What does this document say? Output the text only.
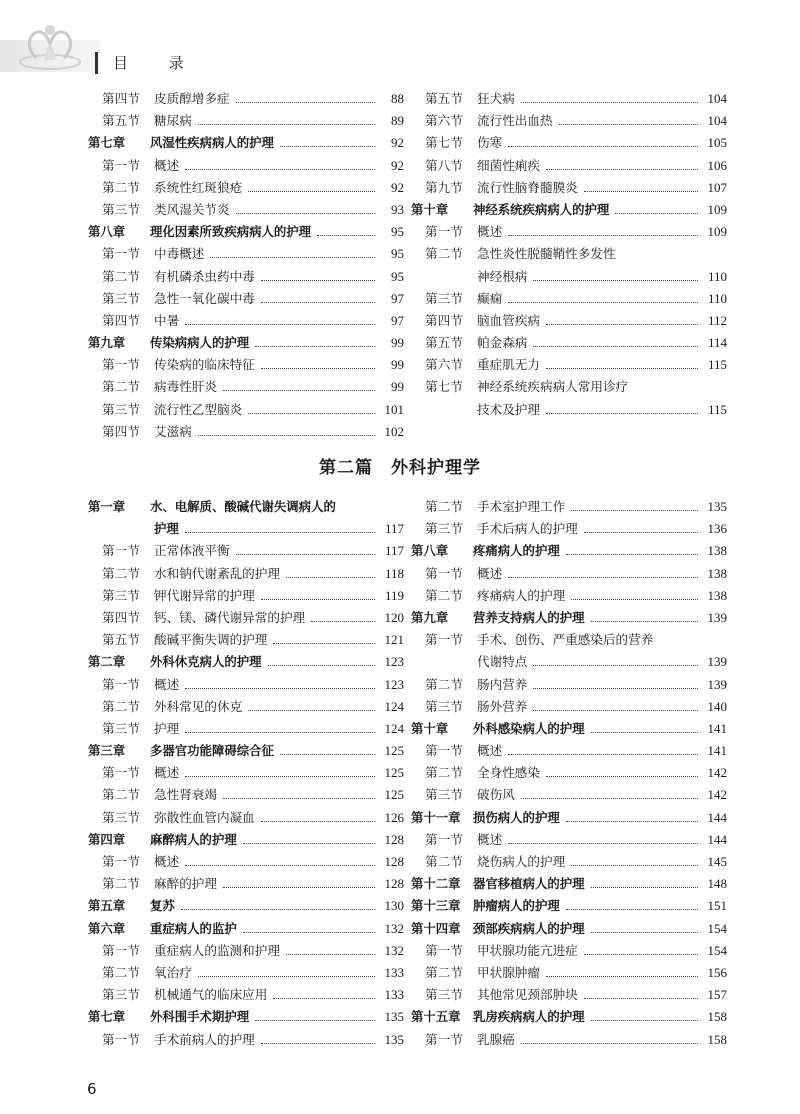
目 录
第四节	皮质醇增多症	88
第五节	糖尿病	89
第七章	风湿性疾病病人的护理	92
第一节	概述	92
第二节	系统性红斑狼疮	92
第三节	类风湿关节炎	93
第八章	理化因素所致疾病病人的护理	95
第一节	中毒概述	95
第二节	有机磷杀虫药中毒	95
第三节	急性一氧化碳中毒	97
第四节	中暑	97
第九章	传染病病人的护理	99
第一节	传染病的临床特征	99
第二节	病毒性肝炎	99
第三节	流行性乙型脑炎	101
第四节	艾滋病	102
第五节	狂犬病	104
第六节	流行性出血热	104
第七节	伤寒	105
第八节	细菌性痢疾	106
第九节	流行性脑脊髓膜炎	107
第十章	神经系统疾病病人的护理	109
第一节	概述	109
第二节	急性炎性脱髓鞘性多发性
神经根病	110
第三节	癫痫	110
第四节	脑血管疾病	112
第五节	帕金森病	114
第六节	重症肌无力	115
第七节	神经系统疾病病人常用诊疗
技术及护理	115
第二篇　外科护理学
第一章	水、电解质、酸碱代谢失调病人的
护理	117
第一节	正常体液平衡	117
第二节	水和钠代谢紊乱的护理	118
第三节	钾代谢异常的护理	119
第四节	钙、镁、磷代谢异常的护理	120
第五节	酸碱平衡失调的护理	121
第二章	外科休克病人的护理	123
第一节	概述	123
第二节	外科常见的休克	124
第三节	护理	124
第三章	多器官功能障碍综合征	125
第一节	概述	125
第二节	急性肾衰竭	125
第三节	弥散性血管内凝血	126
第四章	麻醉病人的护理	128
第一节	概述	128
第二节	麻醉的护理	128
第五章	复苏	130
第六章	重症病人的监护	132
第一节	重症病人的监测和护理	132
第二节	氧治疗	133
第三节	机械通气的临床应用	133
第七章	外科围手术期护理	135
第一节	手术前病人的护理	135
第二节	手术室护理工作	135
第三节	手术后病人的护理	136
第八章	疼痛病人的护理	138
第一节	概述	138
第二节	疼痛病人的护理	138
第九章	营养支持病人的护理	139
第一节	手术、创伤、严重感染后的营养
代谢特点	139
第二节	肠内营养	139
第三节	肠外营养	140
第十章	外科感染病人的护理	141
第一节	概述	141
第二节	全身性感染	142
第三节	破伤风	142
第十一章	损伤病人的护理	144
第一节	概述	144
第二节	烧伤病人的护理	145
第十二章	器官移植病人的护理	148
第十三章	肿瘤病人的护理	151
第十四章	颈部疾病病人的护理	154
第一节	甲状腺功能亢进症	154
第二节	甲状腺肿瘤	156
第三节	其他常见颈部肿块	157
第十五章	乳房疾病病人的护理	158
第一节	乳腺癌	158
6
